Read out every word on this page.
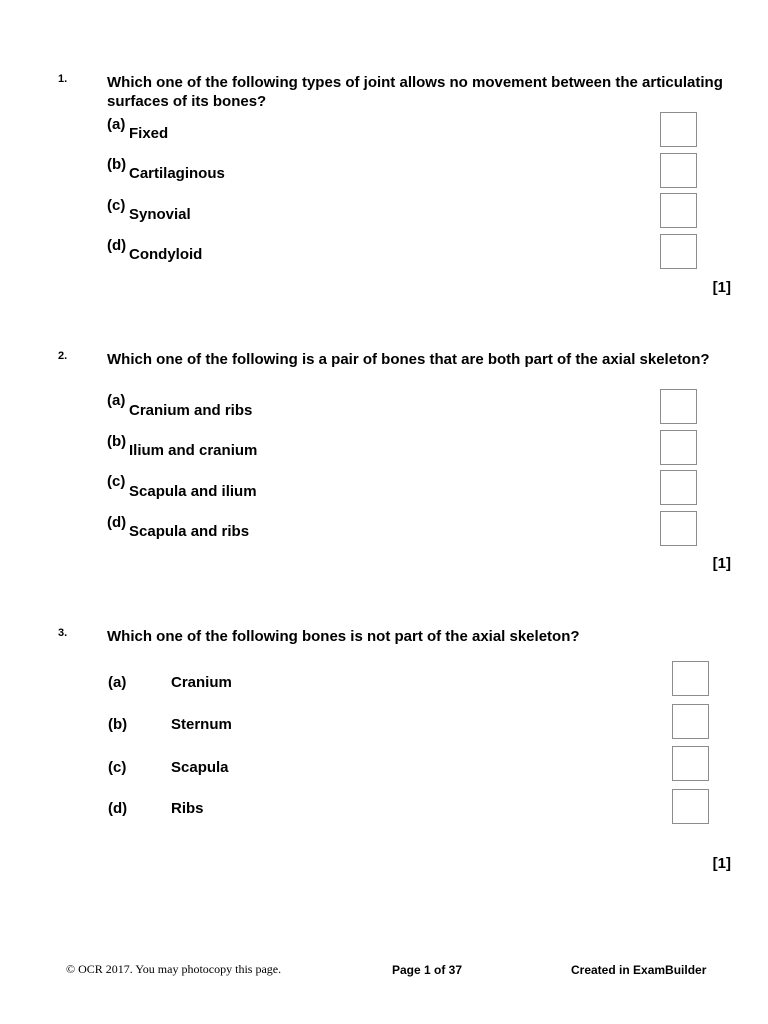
1.	Which one of the following types of joint allows no movement between the articulating surfaces of its bones?
(a)
Fixed
(b)
Cartilaginous
(c)
Synovial
(d)
Condyloid
[1]
2.	Which one of the following is a pair of bones that are both part of the axial skeleton?
(a)
Cranium and ribs
(b)
Ilium and cranium
(c)
Scapula and ilium
(d)
Scapula and ribs
[1]
3.	Which one of the following bones is not part of the axial skeleton?
(a)	Cranium
(b)	Sternum
(c)	Scapula
(d)	Ribs
[1]
© OCR 2017. You may photocopy this page.	Page 1 of 37	Created in ExamBuilder
